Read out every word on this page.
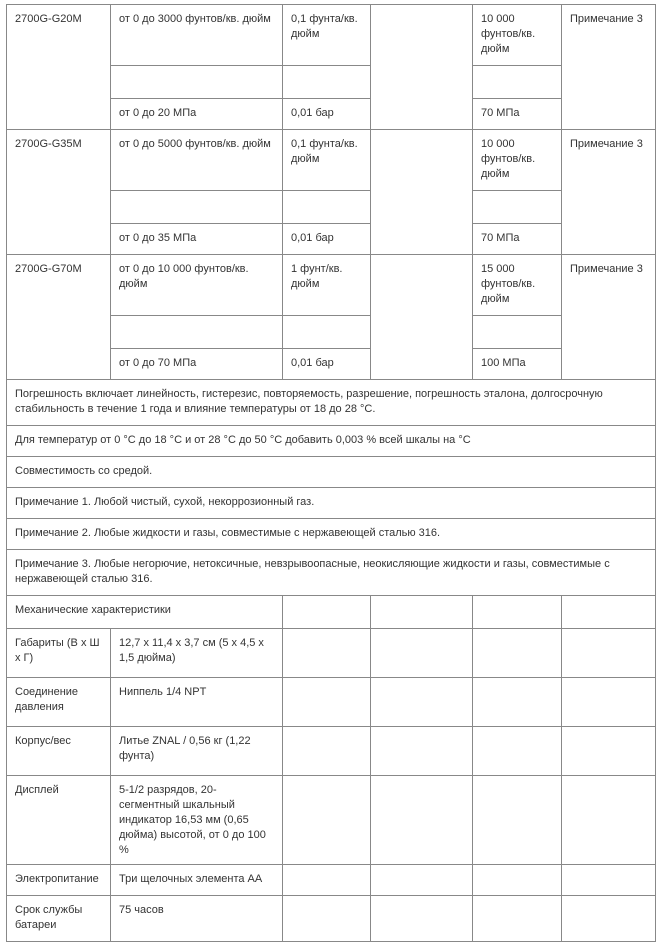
2700G-G20M	от 0 до 3000 фунтов/кв. дюйм	0,1 фунта/кв. дюйм		10 000 фунтов/кв. дюйм	Примечание 3

	от 0 до 20 МПа	0,01 бар		70 МПа	
2700G-G35M	от 0 до 5000 фунтов/кв. дюйм	0,1 фунта/кв. дюйм		10 000 фунтов/кв. дюйм	Примечание 3

	от 0 до 35 МПа	0,01 бар		70 МПа	
2700G-G70M	от 0 до 10 000 фунтов/кв. дюйм	1 фунт/кв. дюйм		15 000 фунтов/кв. дюйм	Примечание 3

	от 0 до 70 МПа	0,01 бар		100 МПа	
Погрешность включает линейность, гистерезис, повторяемость, разрешение, погрешность эталона, долгосрочную стабильность в течение 1 года и влияние температуры от 18 до 28 °C.					
Для температур от 0 °C до 18 °C и от 28 °C до 50 °C добавить 0,003 % всей шкалы на °C					
Совместимость со средой.					
Примечание 1. Любой чистый, сухой, некоррозионный газ.					
Примечание 2. Любые жидкости и газы, совместимые с нержавеющей сталью 316.					
Примечание 3. Любые негорючие, нетоксичные, невзрывоопасные, неокисляющие жидкости и газы, совместимые с нержавеющей сталью 316.					
Механические характеристики					
Габариты (В х Ш х Г)	12,7 x 11,4 x 3,7 см (5 x 4,5 x 1,5 дюйма)				
Соединение давления	Ниппель 1/4 NPT				
Корпус/вес	Литье ZNAL / 0,56 кг (1,22 фунта)				
Дисплей	5-1/2 разрядов, 20-сегментный шкальный индикатор 16,53 мм (0,65 дюйма) высотой, от 0 до 100 %				
Электропитание	Три щелочных элемента AA				
Срок службы батареи	75 часов				
